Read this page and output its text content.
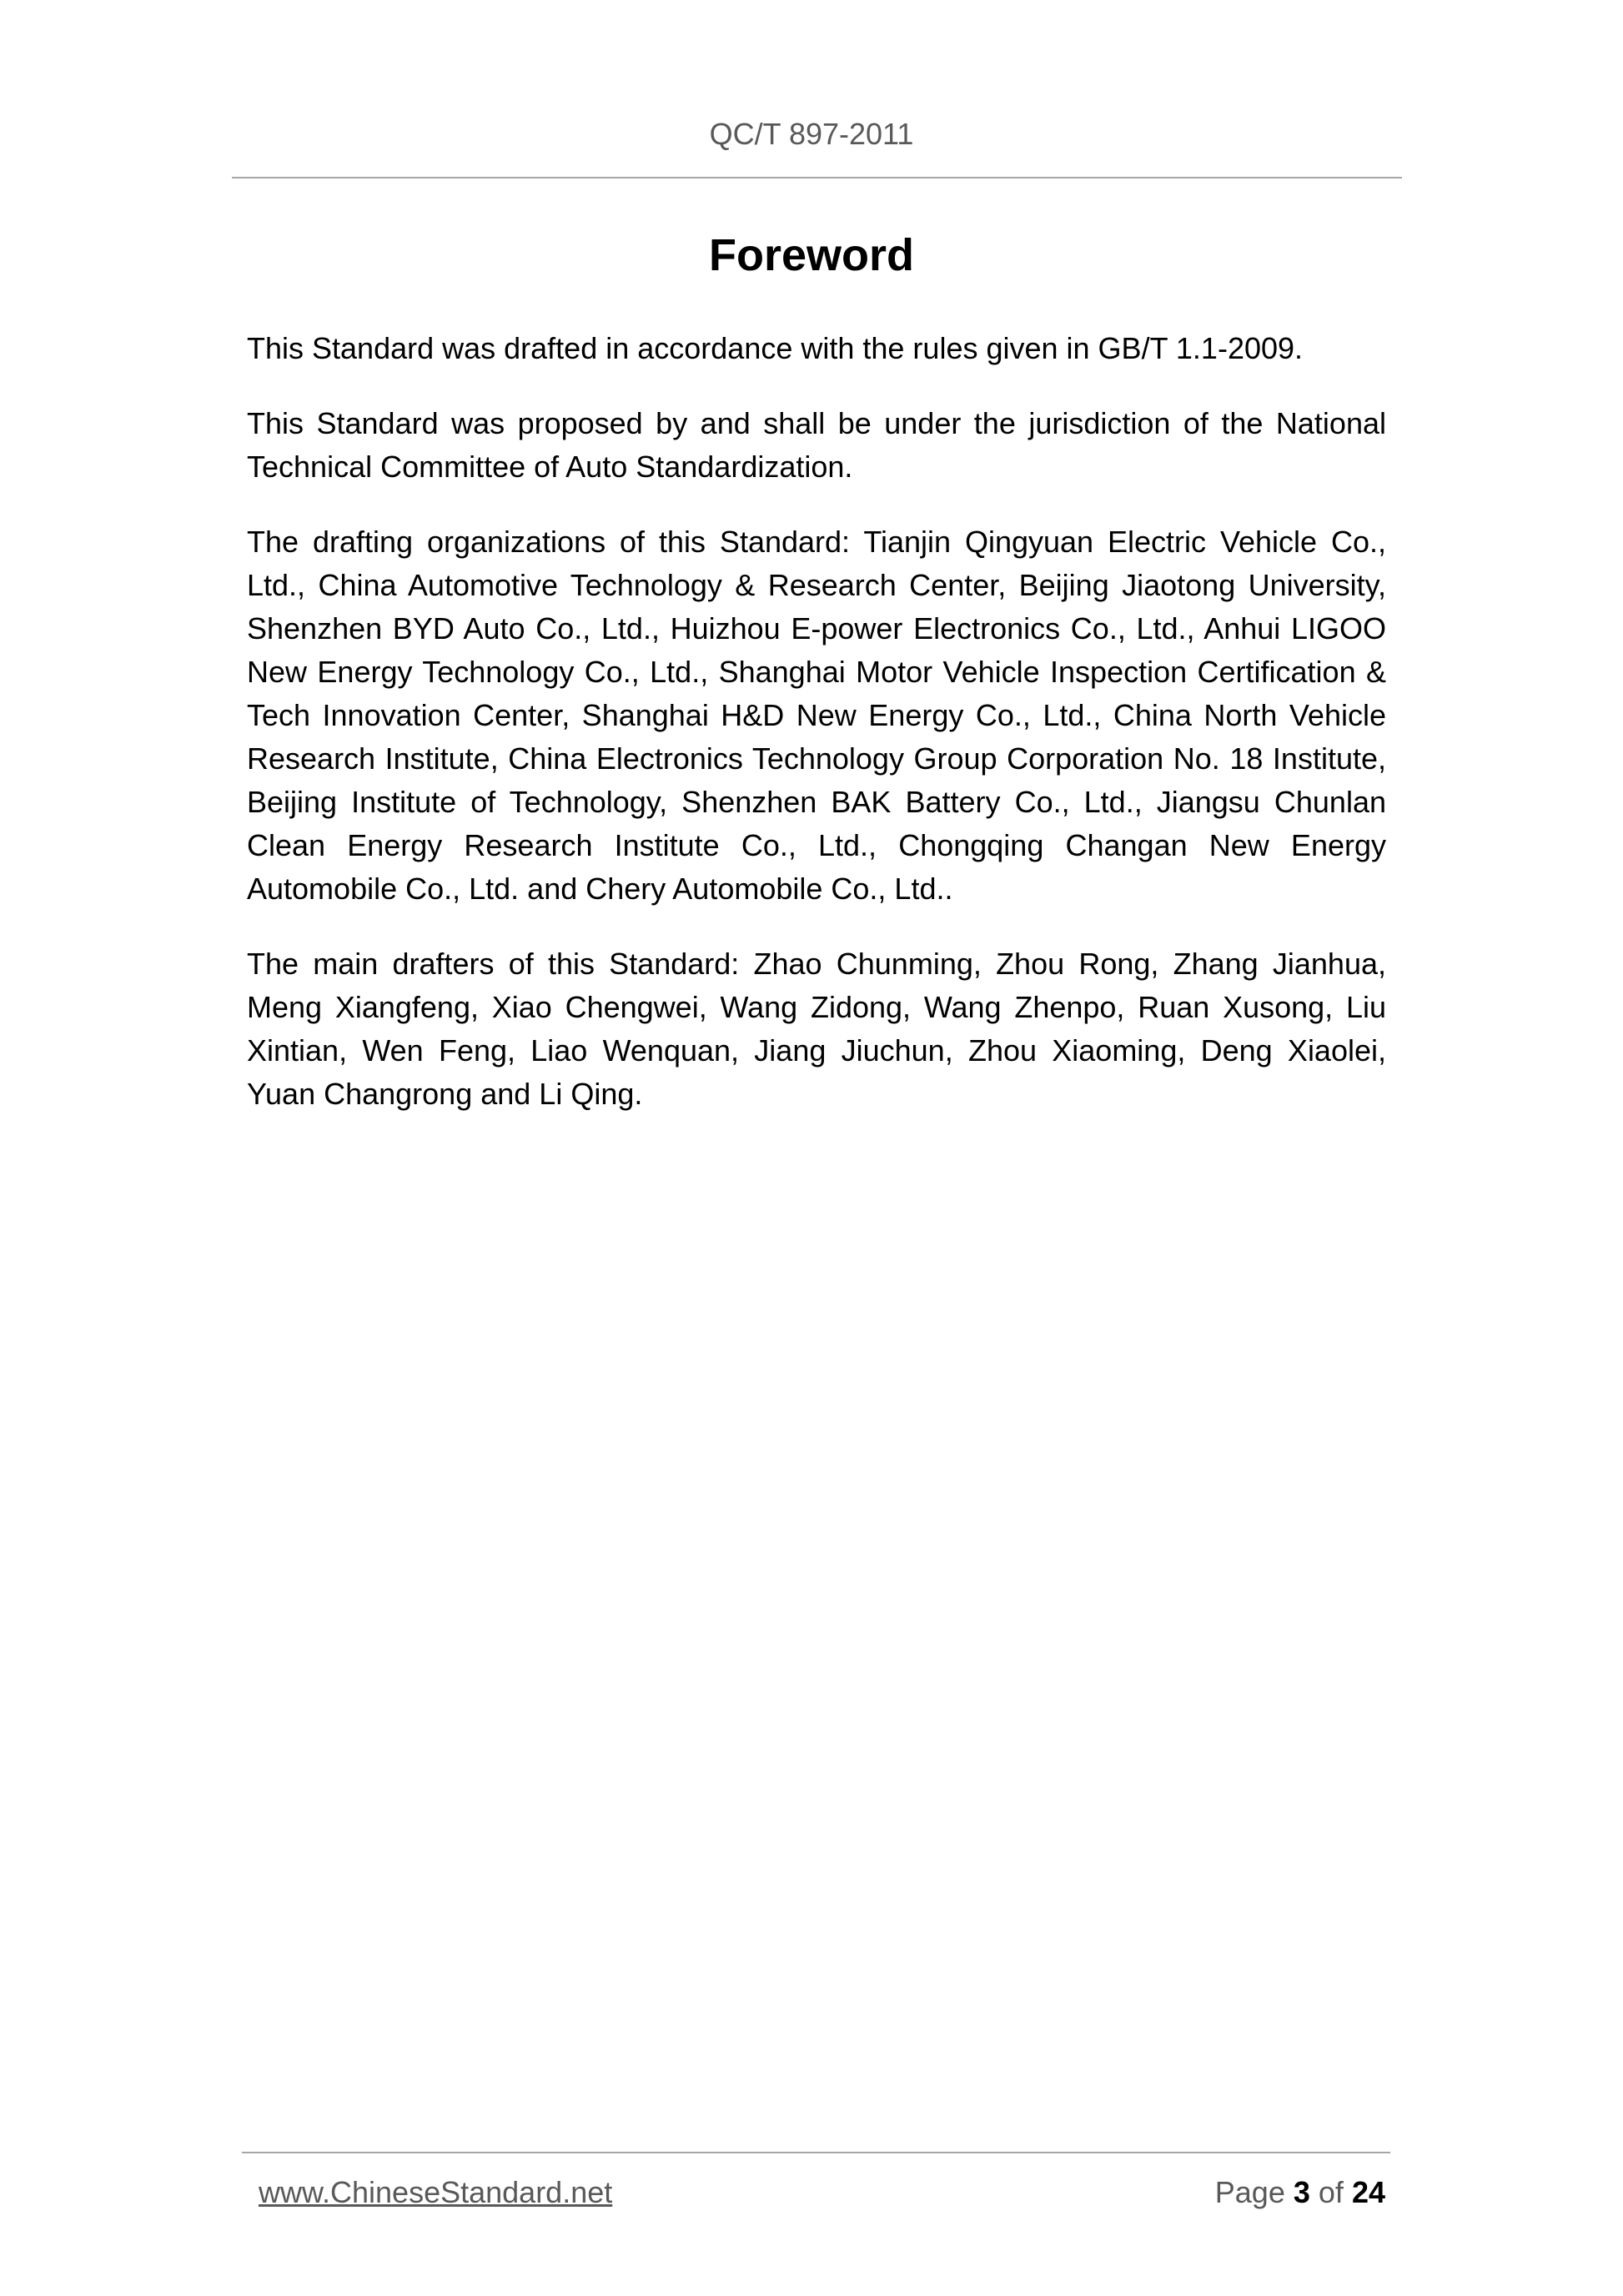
QC/T 897-2011
Foreword

This Standard was drafted in accordance with the rules given in GB/T 1.1-2009.

This Standard was proposed by and shall be under the jurisdiction of the National Technical Committee of Auto Standardization.

The drafting organizations of this Standard: Tianjin Qingyuan Electric Vehicle Co., Ltd., China Automotive Technology & Research Center, Beijing Jiaotong University, Shenzhen BYD Auto Co., Ltd., Huizhou E-power Electronics Co., Ltd., Anhui LIGOO New Energy Technology Co., Ltd., Shanghai Motor Vehicle Inspection Certification & Tech Innovation Center, Shanghai H&D New Energy Co., Ltd., China North Vehicle Research Institute, China Electronics Technology Group Corporation No. 18 Institute, Beijing Institute of Technology, Shenzhen BAK Battery Co., Ltd., Jiangsu Chunlan Clean Energy Research Institute Co., Ltd., Chongqing Changan New Energy Automobile Co., Ltd. and Chery Automobile Co., Ltd..

The main drafters of this Standard: Zhao Chunming, Zhou Rong, Zhang Jianhua, Meng Xiangfeng, Xiao Chengwei, Wang Zidong, Wang Zhenpo, Ruan Xusong, Liu Xintian, Wen Feng, Liao Wenquan, Jiang Jiuchun, Zhou Xiaoming, Deng Xiaolei, Yuan Changrong and Li Qing.

www.ChineseStandard.net	Page 3 of 24
